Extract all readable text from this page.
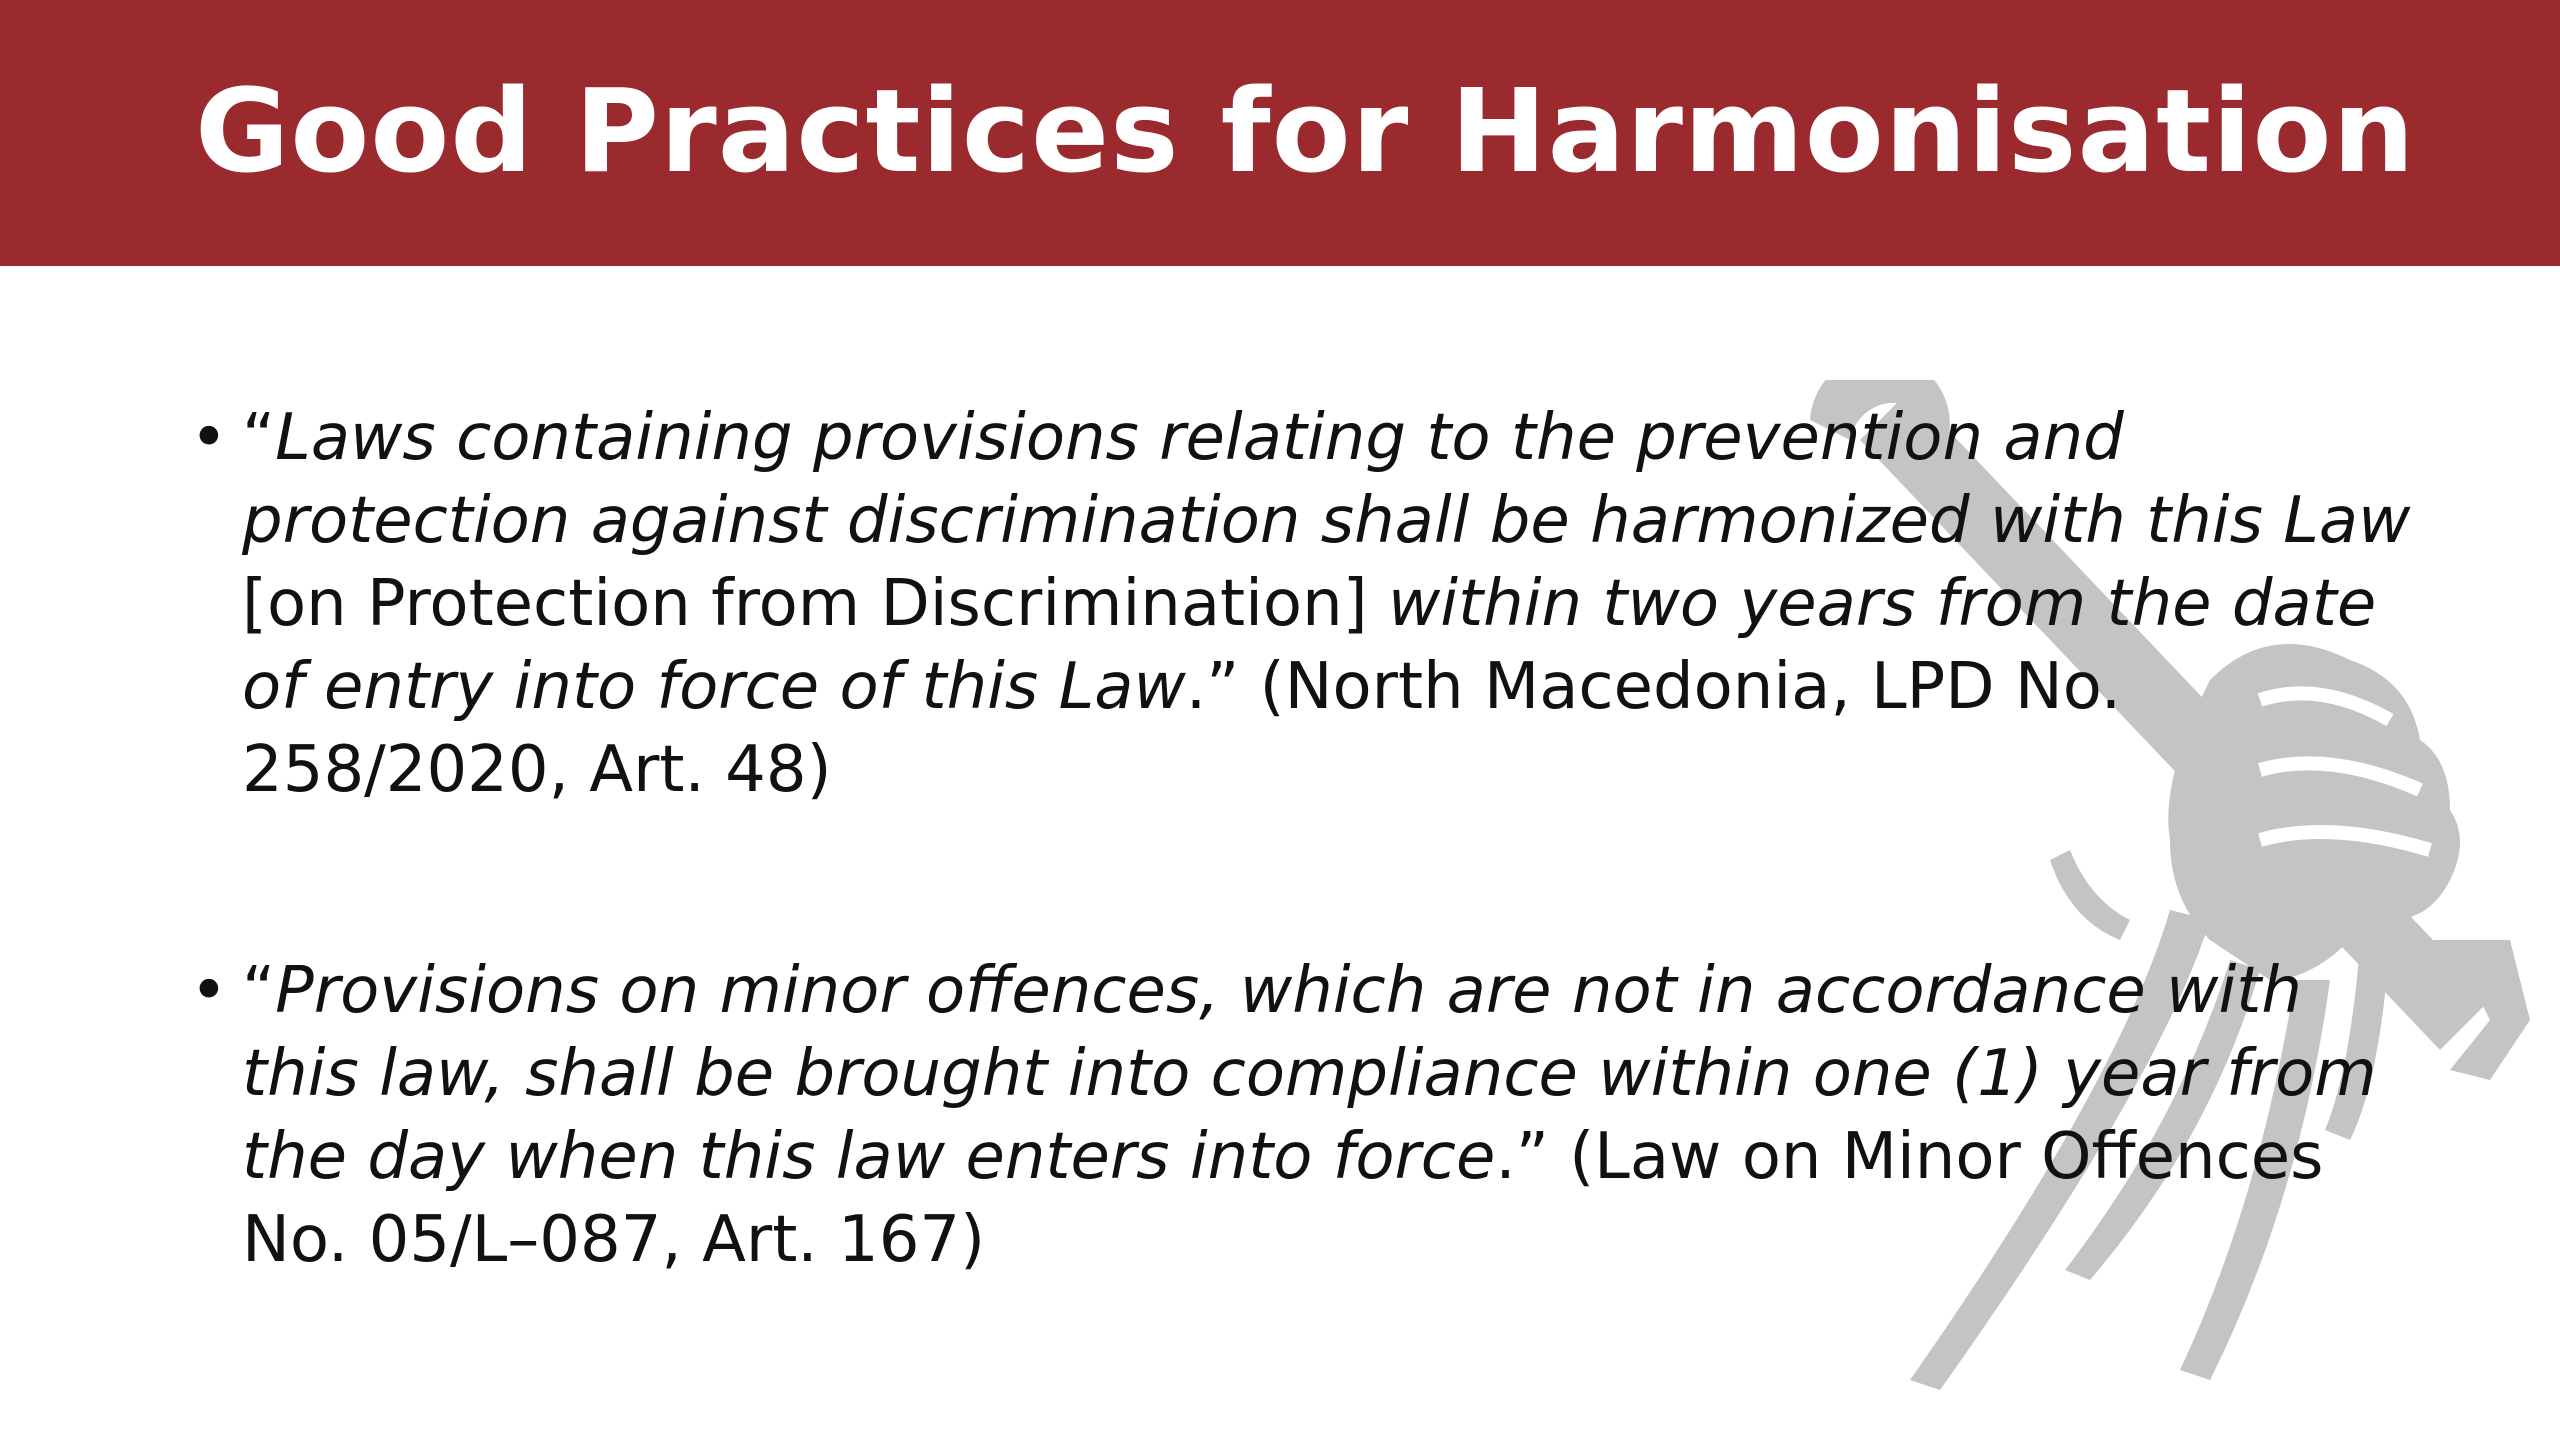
Good Practices for Harmonisation
• “Laws containing provisions relating to the prevention and protection against discrimination shall be harmonized with this Law [on Protection from Discrimination] within two years from the date of entry into force of this Law.” (North Macedonia, LPD No. 258/2020, Art. 48)
• “Provisions on minor offences, which are not in accordance with this law, shall be brought into compliance within one (1) year from the day when this law enters into force.” (Law on Minor Offences No. 05/L–087, Art. 167)
